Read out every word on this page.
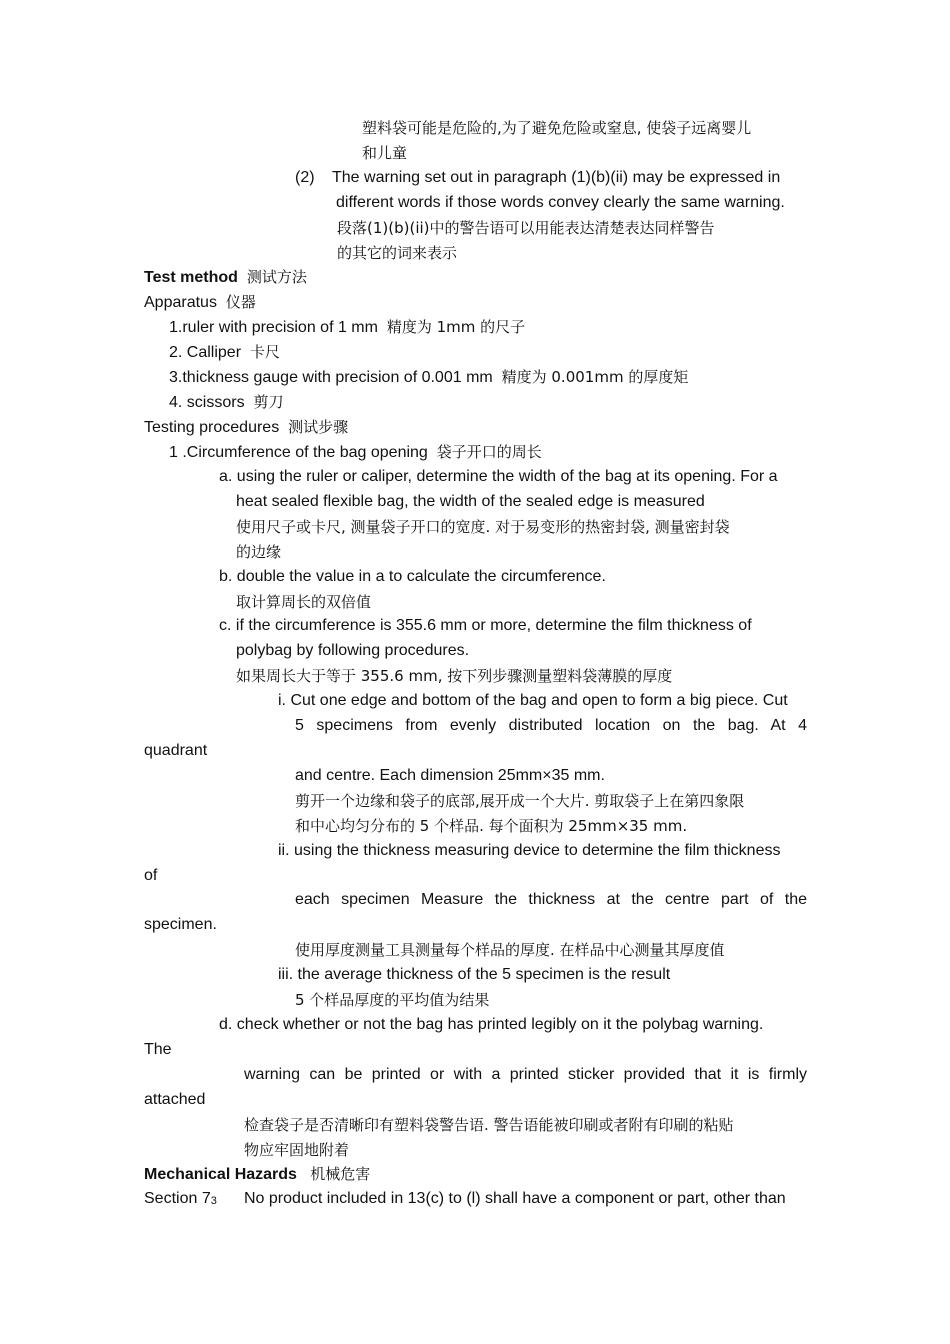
塑料袋可能是危险的,为了避免危险或窒息, 使袋子远离婴儿
和儿童
(2) The warning set out in paragraph (1)(b)(ii) may be expressed in
different words if those words convey clearly the same warning.
段落(1)(b)(ii)中的警告语可以用能表达清楚表达同样警告
的其它的词来表示
Test method 测试方法
Apparatus 仪器
1.ruler with precision of 1 mm 精度为 1mm 的尺子
2. Calliper 卡尺
3.thickness gauge with precision of 0.001 mm 精度为 0.001mm 的厚度矩
4. scissors 剪刀
Testing procedures 测试步骤
1 .Circumference of the bag opening 袋子开口的周长
a. using the ruler or caliper, determine the width of the bag at its opening. For a
heat sealed flexible bag, the width of the sealed edge is measured
使用尺子或卡尺, 测量袋子开口的宽度. 对于易变形的热密封袋, 测量密封袋
的边缘
b. double the value in a to calculate the circumference.
取计算周长的双倍值
c. if the circumference is 355.6 mm or more, determine the film thickness of
polybag by following procedures.
如果周长大于等于 355.6 mm, 按下列步骤测量塑料袋薄膜的厚度
i. Cut one edge and bottom of the bag and open to form a big piece. Cut
5 specimens from evenly distributed location on the bag. At 4
quadrant
and centre. Each dimension 25mm×35 mm.
剪开一个边缘和袋子的底部,展开成一个大片. 剪取袋子上在第四象限
和中心均匀分布的 5 个样品. 每个面积为 25mm×35 mm.
ii. using the thickness measuring device to determine the film thickness
of
each specimen Measure the thickness at the centre part of the
specimen.
使用厚度测量工具测量每个样品的厚度. 在样品中心测量其厚度值
iii. the average thickness of the 5 specimen is the result
5 个样品厚度的平均值为结果
d. check whether or not the bag has printed legibly on it the polybag warning.
The
warning can be printed or with a printed sticker provided that it is firmly
attached
检查袋子是否清晰印有塑料袋警告语. 警告语能被印刷或者附有印刷的粘贴
物应牢固地附着
Mechanical Hazards 机械危害
Section 73 No product included in 13(c) to (l) shall have a component or part, other than
